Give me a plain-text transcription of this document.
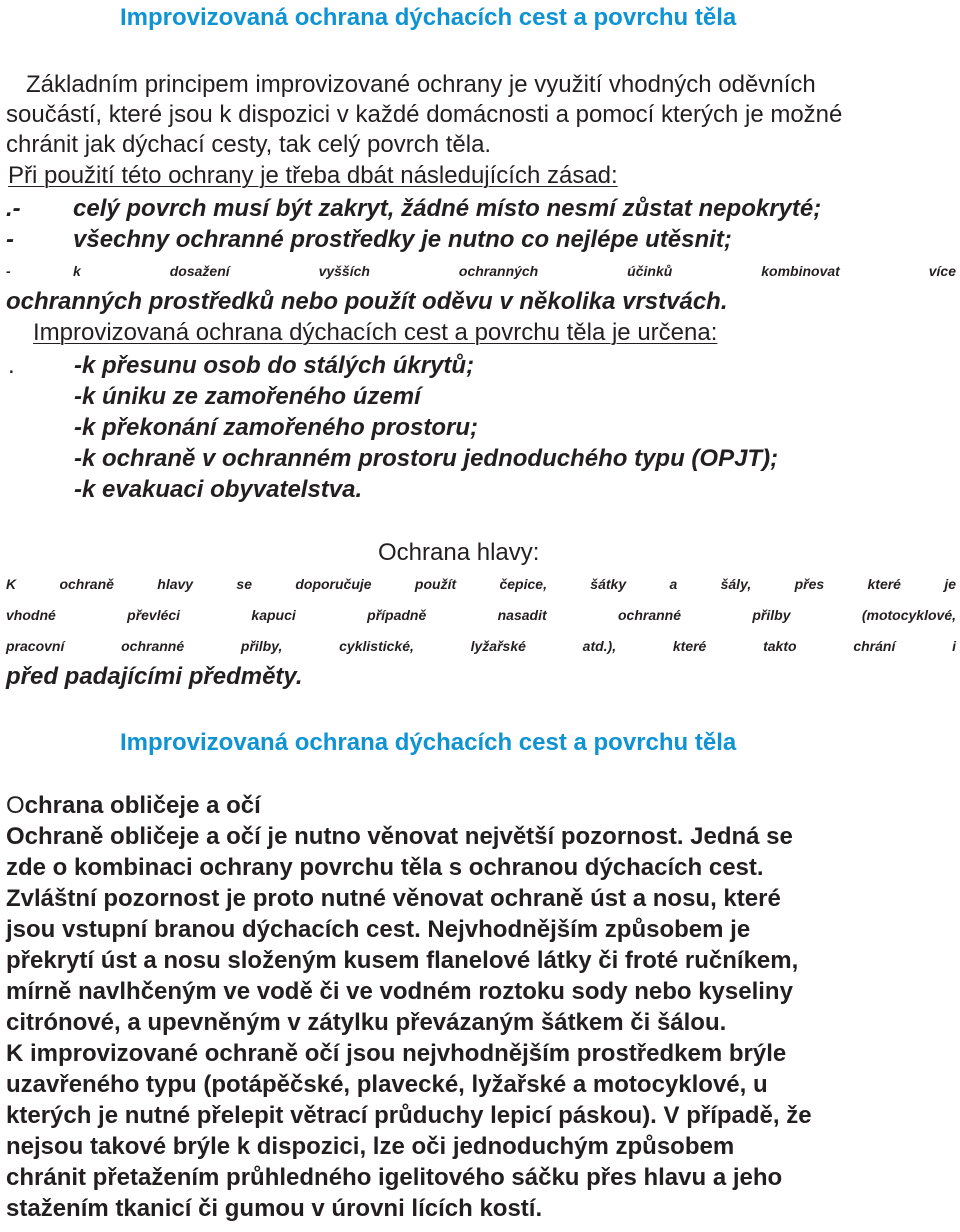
Improvizovaná ochrana dýchacích cest a povrchu těla
Základním principem improvizované ochrany je využití vhodných oděvních
součástí, které jsou k dispozici v každé domácnosti a pomocí kterých je možné
chránit jak dýchací cesty, tak celý povrch těla.
Při použití této ochrany je třeba dbát následujících zásad:
.- celý povrch musí být zakryt, žádné místo nesmí zůstat nepokryté;
- všechny ochranné prostředky je nutno co nejlépe utěsnit;
-	k dosažení vyšších ochranných účinků kombinovat více
ochranných prostředků nebo použít oděvu v několika vrstvách.
Improvizovaná ochrana dýchacích cest a povrchu těla je určena:
. -k přesunu osob do stálých úkrytů;
-k úniku ze zamořeného území
-k překonání zamořeného prostoru;
-k ochraně v ochranném prostoru jednoduchého typu (OPJT);
-k evakuaci obyvatelstva.
Ochrana hlavy:
K ochraně hlavy se doporučuje použít čepice, šátky a šály, přes které je
vhodné převléci kapuci případně nasadit ochranné přilby (motocyklové,
pracovní ochranné přilby, cyklistické, lyžařské atd.), které takto chrání i
před padajícími předměty.
Improvizovaná ochrana dýchacích cest a povrchu těla
Ochrana obličeje a očí
Ochraně obličeje a očí je nutno věnovat největší pozornost. Jedná se
zde o kombinaci ochrany povrchu těla s ochranou dýchacích cest.
Zvláštní pozornost je proto nutné věnovat ochraně úst a nosu, které
jsou vstupní branou dýchacích cest. Nejvhodnějším způsobem je
překrytí úst a nosu složeným kusem flanelové látky či froté ručníkem,
mírně navlhčeným ve vodě či ve vodném roztoku sody nebo kyseliny
citrónové, a upevněným v zátylku převázaným šátkem či šálou.
K improvizované ochraně očí jsou nejvhodnějším prostředkem brýle
uzavřeného typu (potápěčské, plavecké, lyžařské a motocyklové, u
kterých je nutné přelepit větrací průduchy lepicí páskou). V případě, že
nejsou takové brýle k dispozici, lze oči jednoduchým způsobem
chránit přetažením průhledného igelitového sáčku přes hlavu a jeho
stažením tkanicí či gumou v úrovni lících kostí.
